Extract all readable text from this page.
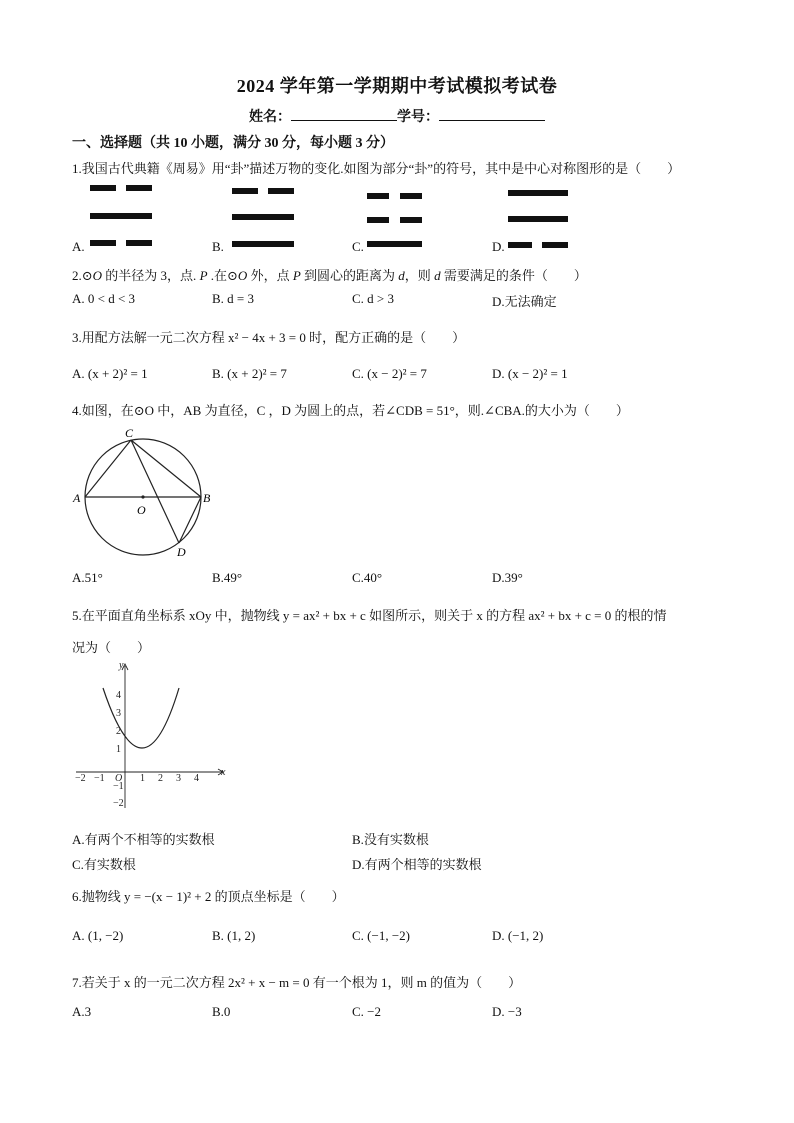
2024 学年第一学期期中考试模拟考试卷
姓名：	学号：
一、选择题（共 10 小题，满分 30 分，每小题 3 分）
1.我国古代典籍《周易》用“卦”描述万物的变化.如图为部分“卦”的符号，其中是中心对称图形的是（　　）
A.	B.	C.	D.
2.⊙O 的半径为 3，点. P .在⊙O 外，点 P 到圆心的距离为 d，则 d 需要满足的条件（　　）
A. 0 < d < 3	B. d = 3	C. d > 3	D.无法确定
3.用配方法解一元二次方程 x² − 4x + 3 = 0 时，配方正确的是（　　）
A. (x + 2)² = 1	B. (x + 2)² = 7	C. (x − 2)² = 7	D. (x − 2)² = 1
4.如图，在⊙O 中，AB 为直径，C ，D 为圆上的点，若∠CDB = 51°，则.∠CBA.的大小为（　　）
A	B
C
D
O
A.51°	B.49°	C.40°	D.39°
5.在平面直角坐标系 xOy 中，抛物线 y = ax² + bx + c 如图所示，则关于 x 的方程 ax² + bx + c = 0 的根的情
况为（　　）
x
y
O
−2 −1	1 2 3 4
4
3
2
1
−1
−2
A.有两个不相等的实数根	B.没有实数根
C.有实数根	D.有两个相等的实数根
6.抛物线 y = −(x − 1)² + 2 的顶点坐标是（　　）
A. (1, −2)	B. (1, 2)	C. (−1, −2)	D. (−1, 2)
7.若关于 x 的一元二次方程 2x² + x − m = 0 有一个根为 1，则 m 的值为（　　）
A.3	B.0	C. −2	D. −3
